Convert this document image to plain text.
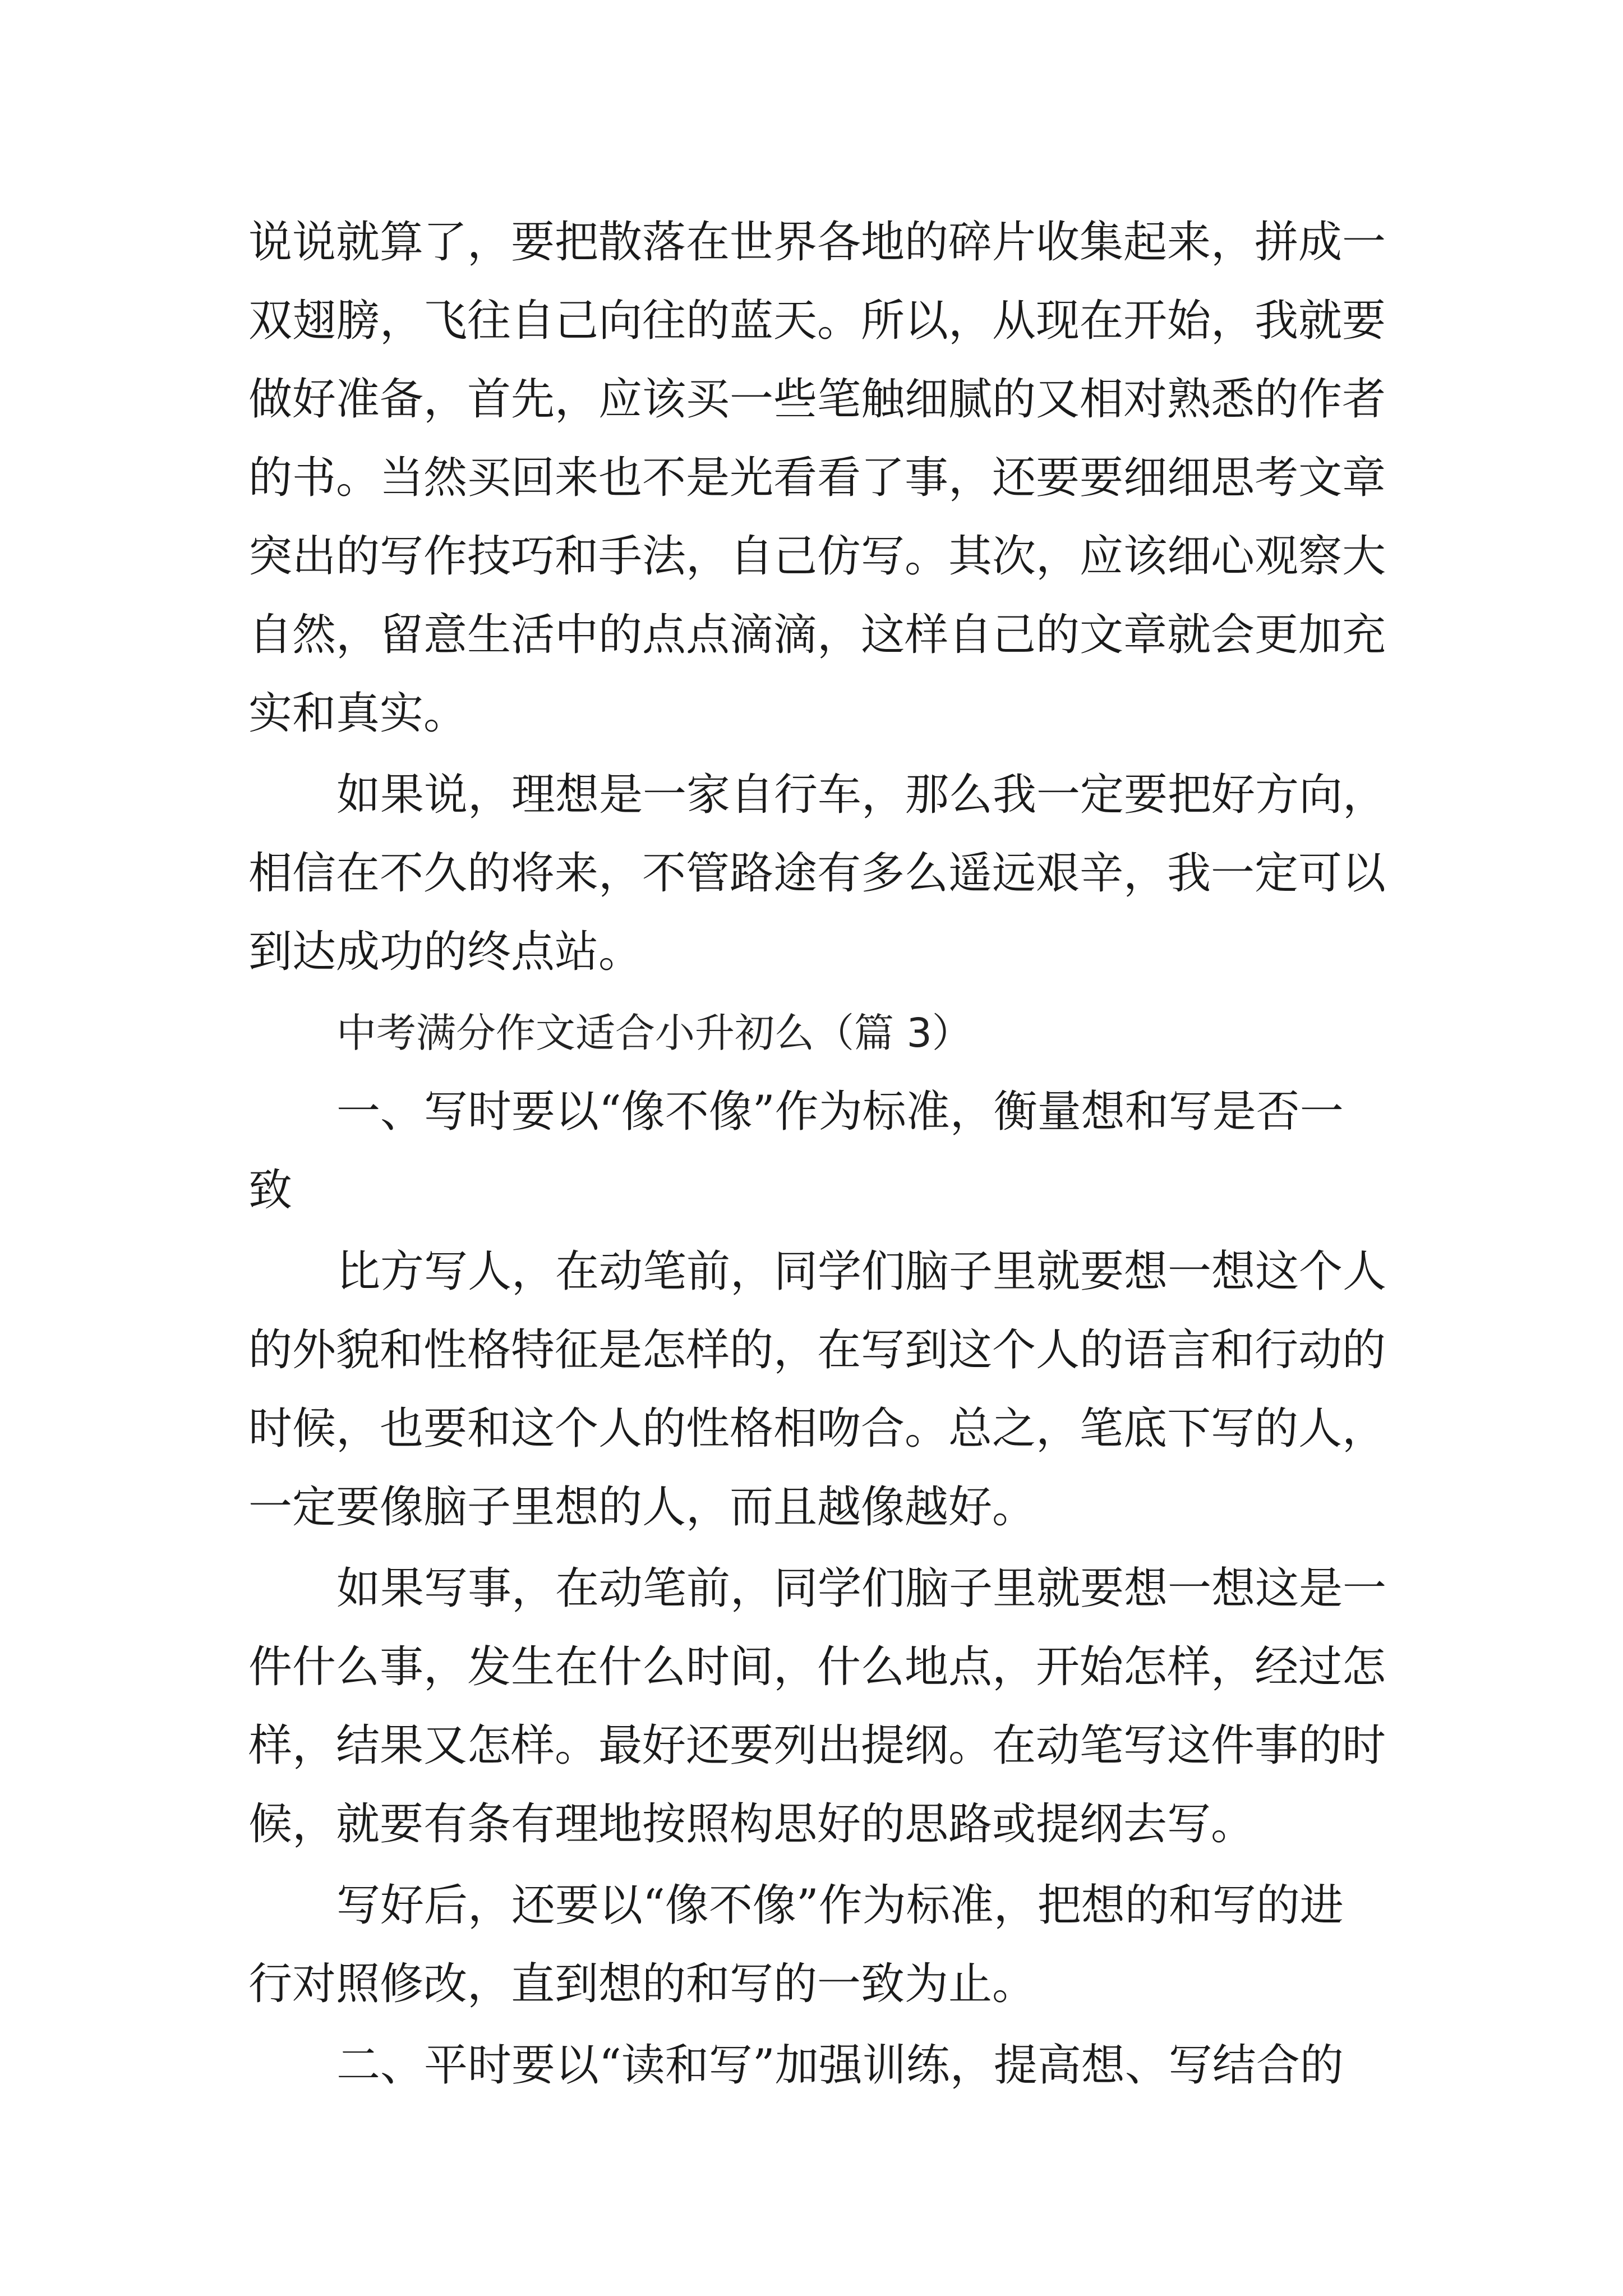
说说就算了，要把散落在世界各地的碎片收集起来，拼成一
双翅膀，飞往自己向往的蓝天。所以，从现在开始，我就要
做好准备，首先，应该买一些笔触细腻的又相对熟悉的作者
的书。当然买回来也不是光看看了事，还要要细细思考文章
突出的写作技巧和手法，自己仿写。其次，应该细心观察大
自然，留意生活中的点点滴滴，这样自己的文章就会更加充
实和真实。
如果说，理想是一家自行车，那么我一定要把好方向，
相信在不久的将来，不管路途有多么遥远艰辛，我一定可以
到达成功的终点站。
中考满分作文适合小升初么（篇 3）
一、写时要以“像不像”作为标准，衡量想和写是否一
致
比方写人，在动笔前，同学们脑子里就要想一想这个人
的外貌和性格特征是怎样的，在写到这个人的语言和行动的
时候，也要和这个人的性格相吻合。总之，笔底下写的人，
一定要像脑子里想的人，而且越像越好。
如果写事，在动笔前，同学们脑子里就要想一想这是一
件什么事，发生在什么时间，什么地点，开始怎样，经过怎
样，结果又怎样。最好还要列出提纲。在动笔写这件事的时
候，就要有条有理地按照构思好的思路或提纲去写。
写好后，还要以“像不像”作为标准，把想的和写的进
行对照修改，直到想的和写的一致为止。
二、平时要以“读和写”加强训练，提高想、写结合的
